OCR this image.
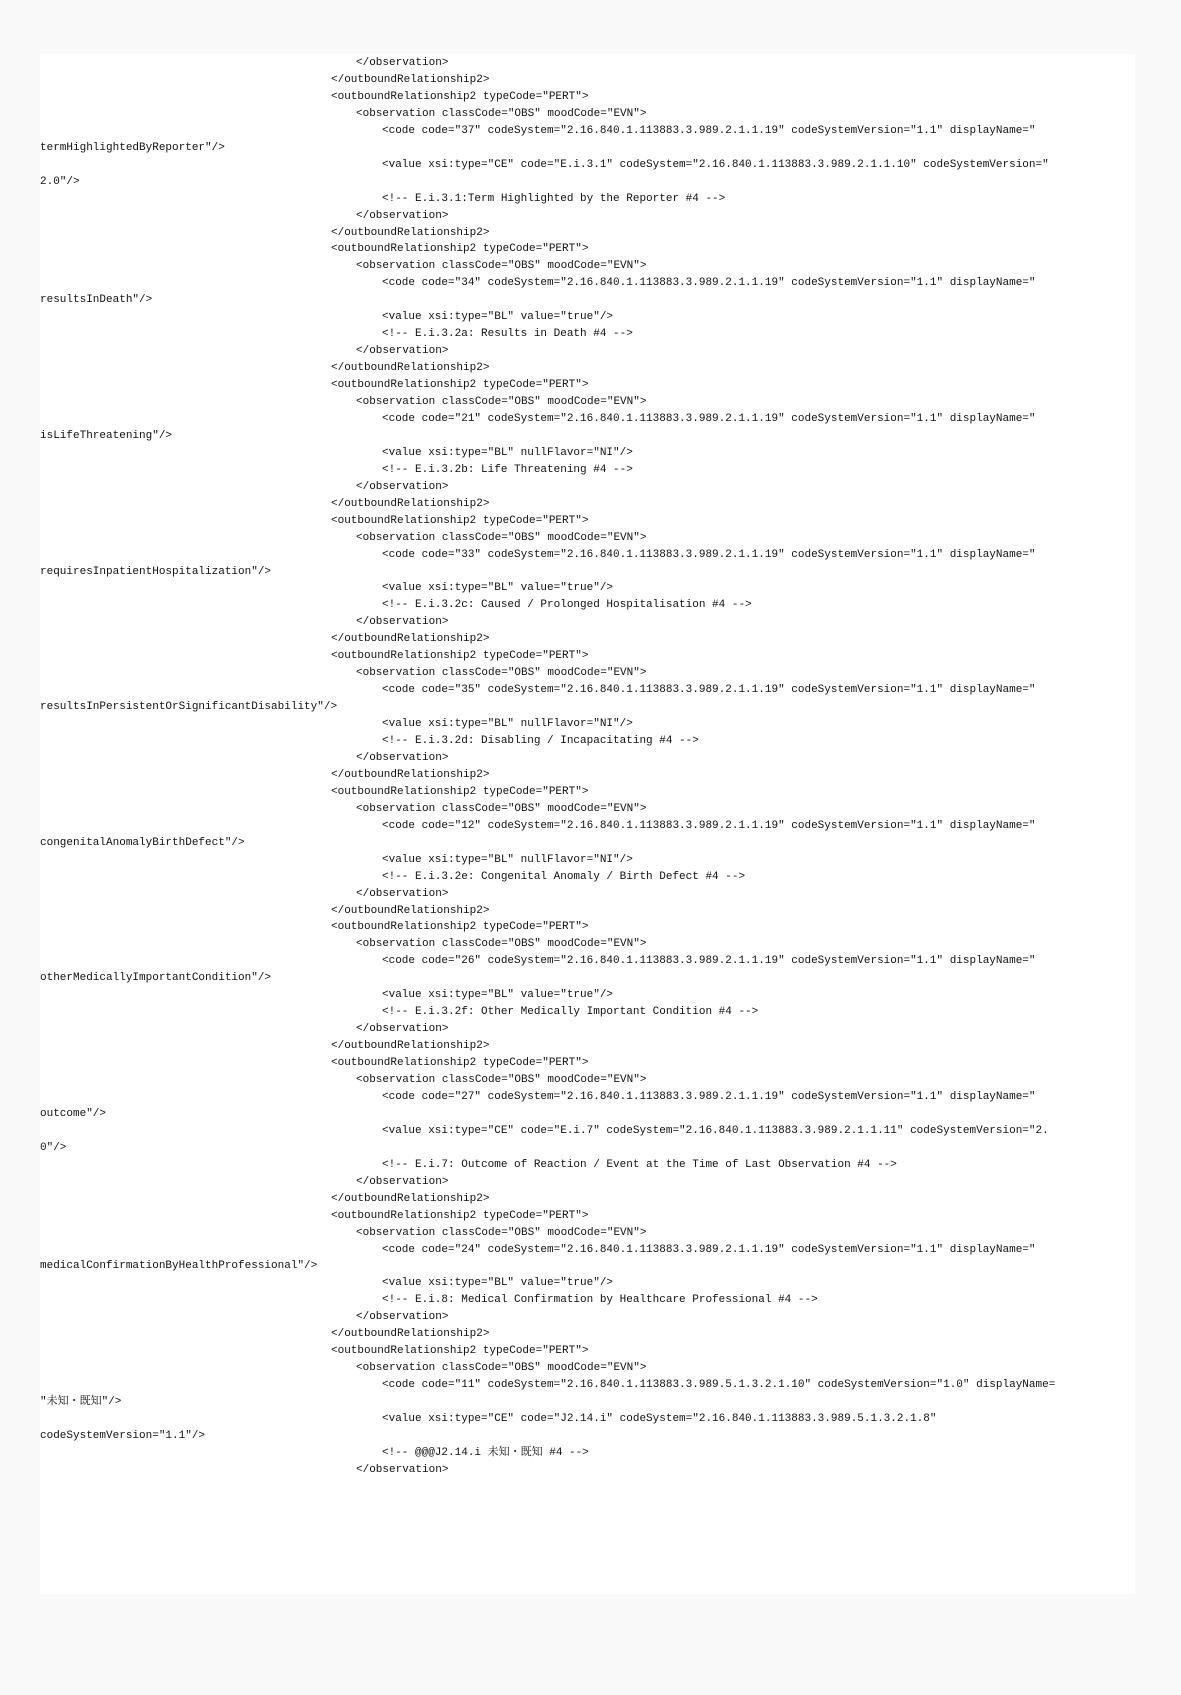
</observation>
</outboundRelationship2>
<outboundRelationship2 typeCode="PERT">
<observation classCode="OBS" moodCode="EVN">
<code code="37" codeSystem="2.16.840.1.113883.3.989.2.1.1.19" codeSystemVersion="1.1" displayName="
termHighlightedByReporter"/>
<value xsi:type="CE" code="E.i.3.1" codeSystem="2.16.840.1.113883.3.989.2.1.1.10" codeSystemVersion="
2.0"/>
<!-- E.i.3.1:Term Highlighted by the Reporter #4 -->
</observation>
</outboundRelationship2>
<outboundRelationship2 typeCode="PERT">
<observation classCode="OBS" moodCode="EVN">
<code code="34" codeSystem="2.16.840.1.113883.3.989.2.1.1.19" codeSystemVersion="1.1" displayName="
resultsInDeath"/>
<value xsi:type="BL" value="true"/>
<!-- E.i.3.2a: Results in Death #4 -->
</observation>
</outboundRelationship2>
<outboundRelationship2 typeCode="PERT">
<observation classCode="OBS" moodCode="EVN">
<code code="21" codeSystem="2.16.840.1.113883.3.989.2.1.1.19" codeSystemVersion="1.1" displayName="
isLifeThreatening"/>
<value xsi:type="BL" nullFlavor="NI"/>
<!-- E.i.3.2b: Life Threatening #4 -->
</observation>
</outboundRelationship2>
<outboundRelationship2 typeCode="PERT">
<observation classCode="OBS" moodCode="EVN">
<code code="33" codeSystem="2.16.840.1.113883.3.989.2.1.1.19" codeSystemVersion="1.1" displayName="
requiresInpatientHospitalization"/>
<value xsi:type="BL" value="true"/>
<!-- E.i.3.2c: Caused / Prolonged Hospitalisation #4 -->
</observation>
</outboundRelationship2>
<outboundRelationship2 typeCode="PERT">
<observation classCode="OBS" moodCode="EVN">
<code code="35" codeSystem="2.16.840.1.113883.3.989.2.1.1.19" codeSystemVersion="1.1" displayName="
resultsInPersistentOrSignificantDisability"/>
<value xsi:type="BL" nullFlavor="NI"/>
<!-- E.i.3.2d: Disabling / Incapacitating #4 -->
</observation>
</outboundRelationship2>
<outboundRelationship2 typeCode="PERT">
<observation classCode="OBS" moodCode="EVN">
<code code="12" codeSystem="2.16.840.1.113883.3.989.2.1.1.19" codeSystemVersion="1.1" displayName="
congenitalAnomalyBirthDefect"/>
<value xsi:type="BL" nullFlavor="NI"/>
<!-- E.i.3.2e: Congenital Anomaly / Birth Defect #4 -->
</observation>
</outboundRelationship2>
<outboundRelationship2 typeCode="PERT">
<observation classCode="OBS" moodCode="EVN">
<code code="26" codeSystem="2.16.840.1.113883.3.989.2.1.1.19" codeSystemVersion="1.1" displayName="
otherMedicallyImportantCondition"/>
<value xsi:type="BL" value="true"/>
<!-- E.i.3.2f: Other Medically Important Condition #4 -->
</observation>
</outboundRelationship2>
<outboundRelationship2 typeCode="PERT">
<observation classCode="OBS" moodCode="EVN">
<code code="27" codeSystem="2.16.840.1.113883.3.989.2.1.1.19" codeSystemVersion="1.1" displayName="
outcome"/>
<value xsi:type="CE" code="E.i.7" codeSystem="2.16.840.1.113883.3.989.2.1.1.11" codeSystemVersion="2.
0"/>
<!-- E.i.7: Outcome of Reaction / Event at the Time of Last Observation #4 -->
</observation>
</outboundRelationship2>
<outboundRelationship2 typeCode="PERT">
<observation classCode="OBS" moodCode="EVN">
<code code="24" codeSystem="2.16.840.1.113883.3.989.2.1.1.19" codeSystemVersion="1.1" displayName="
medicalConfirmationByHealthProfessional"/>
<value xsi:type="BL" value="true"/>
<!-- E.i.8: Medical Confirmation by Healthcare Professional #4 -->
</observation>
</outboundRelationship2>
<outboundRelationship2 typeCode="PERT">
<observation classCode="OBS" moodCode="EVN">
<code code="11" codeSystem="2.16.840.1.113883.3.989.5.1.3.2.1.10" codeSystemVersion="1.0" displayName=
"未知・既知"/>
<value xsi:type="CE" code="J2.14.i" codeSystem="2.16.840.1.113883.3.989.5.1.3.2.1.8"
codeSystemVersion="1.1"/>
<!-- @@@J2.14.i 未知・既知 #4 -->
</observation>
